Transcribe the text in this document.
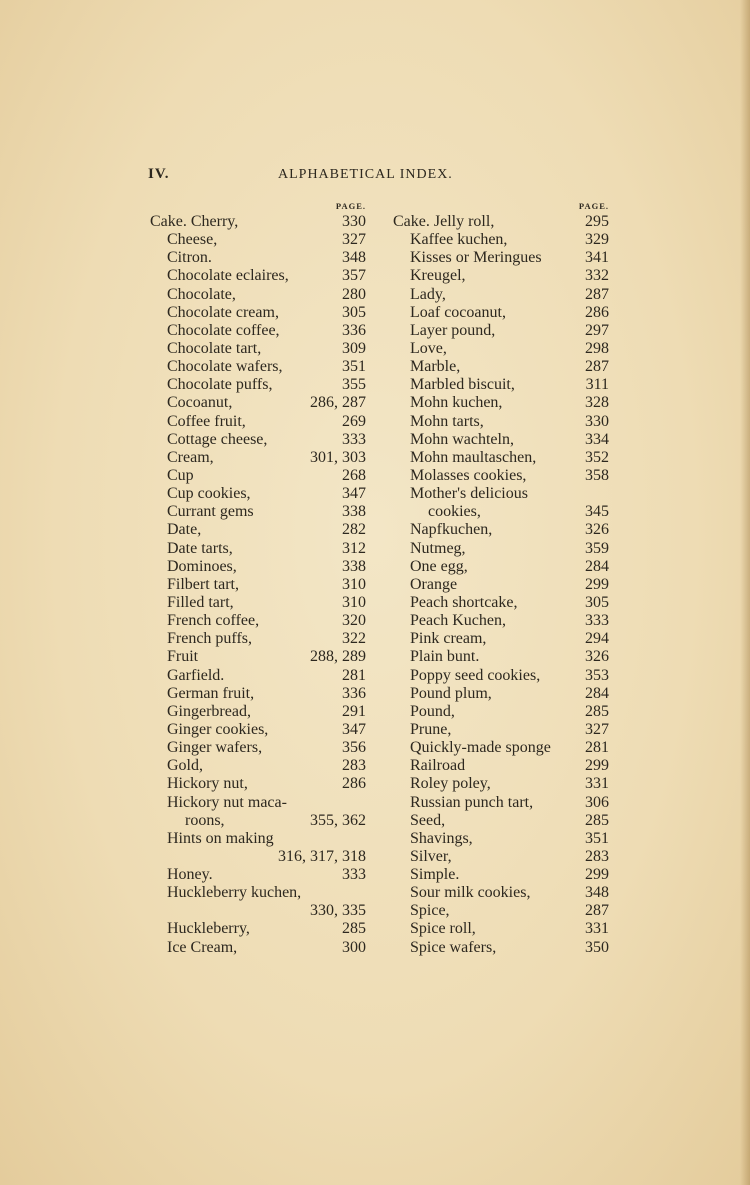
IV.	ALPHABETICAL INDEX.
PAGE.
Cake. Cherry,	330
Cheese,	327
Citron.	348
Chocolate eclaires,	357
Chocolate,	280
Chocolate cream,	305
Chocolate coffee,	336
Chocolate tart,	309
Chocolate wafers,	351
Chocolate puffs,	355
Cocoanut,	286, 287
Coffee fruit,	269
Cottage cheese,	333
Cream,	301, 303
Cup	268
Cup cookies,	347
Currant gems	338
Date,	282
Date tarts,	312
Dominoes,	338
Filbert tart,	310
Filled tart,	310
French coffee,	320
French puffs,	322
Fruit	288, 289
Garfield.	281
German fruit,	336
Gingerbread,	291
Ginger cookies,	347
Ginger wafers,	356
Gold,	283
Hickory nut,	286
Hickory nut maca-
roons,	355, 362
Hints on making
316, 317, 318
Honey.	333
Huckleberry kuchen,
330, 335
Huckleberry,	285
Ice Cream,	300
PAGE.
Cake. Jelly roll,	295
Kaffee kuchen,	329
Kisses or Meringues	341
Kreugel,	332
Lady,	287
Loaf cocoanut,	286
Layer pound,	297
Love,	298
Marble,	287
Marbled biscuit,	311
Mohn kuchen,	328
Mohn tarts,	330
Mohn wachteln,	334
Mohn maultaschen,	352
Molasses cookies,	358
Mother's delicious
cookies,	345
Napfkuchen,	326
Nutmeg,	359
One egg,	284
Orange	299
Peach shortcake,	305
Peach Kuchen,	333
Pink cream,	294
Plain bunt.	326
Poppy seed cookies,	353
Pound plum,	284
Pound,	285
Prune,	327
Quickly-made sponge 281
Railroad	299
Roley poley,	331
Russian punch tart,	306
Seed,	285
Shavings,	351
Silver,	283
Simple.	299
Sour milk cookies,	348
Spice,	287
Spice roll,	331
Spice wafers,	350
